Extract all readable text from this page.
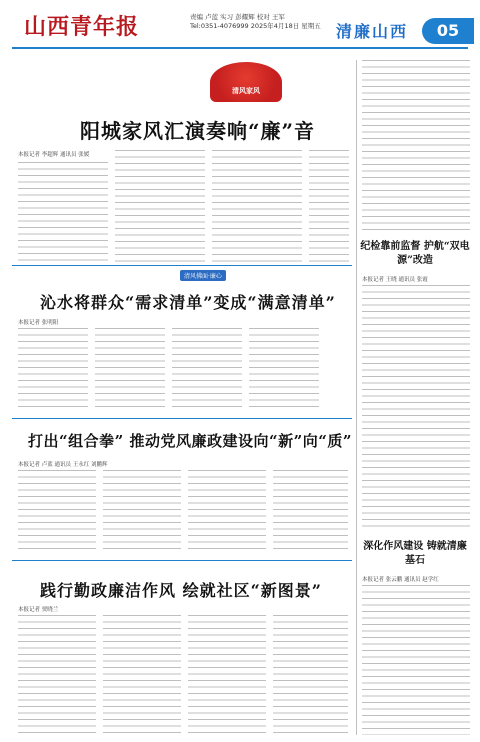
山西青年报	责编 卢蓝 实习 彭耀辉 校对 王军
Tel:0351-4076999 2025年4月18日 星期五 清廉山西	05
清风家风
阳城家风汇演奏响“廉”音
本报记者 李超辉 通讯员 张媛
清风拂面·廉心
沁水将群众“需求清单”变成“满意清单”
本报记者 张明阳
打出“组合拳” 推动党风廉政建设向“新”向“质”
本报记者 卢蓝 通讯员 王永红 刘鹏辉
践行勤政廉洁作风 绘就社区“新图景”
本报记者 贾晓兰
纪检靠前监督 护航“双电源”改造
本报记者 王晓 通讯员 张霞
深化作风建设 铸就清廉基石
本报记者 张云鹏 通讯员 赵学红
